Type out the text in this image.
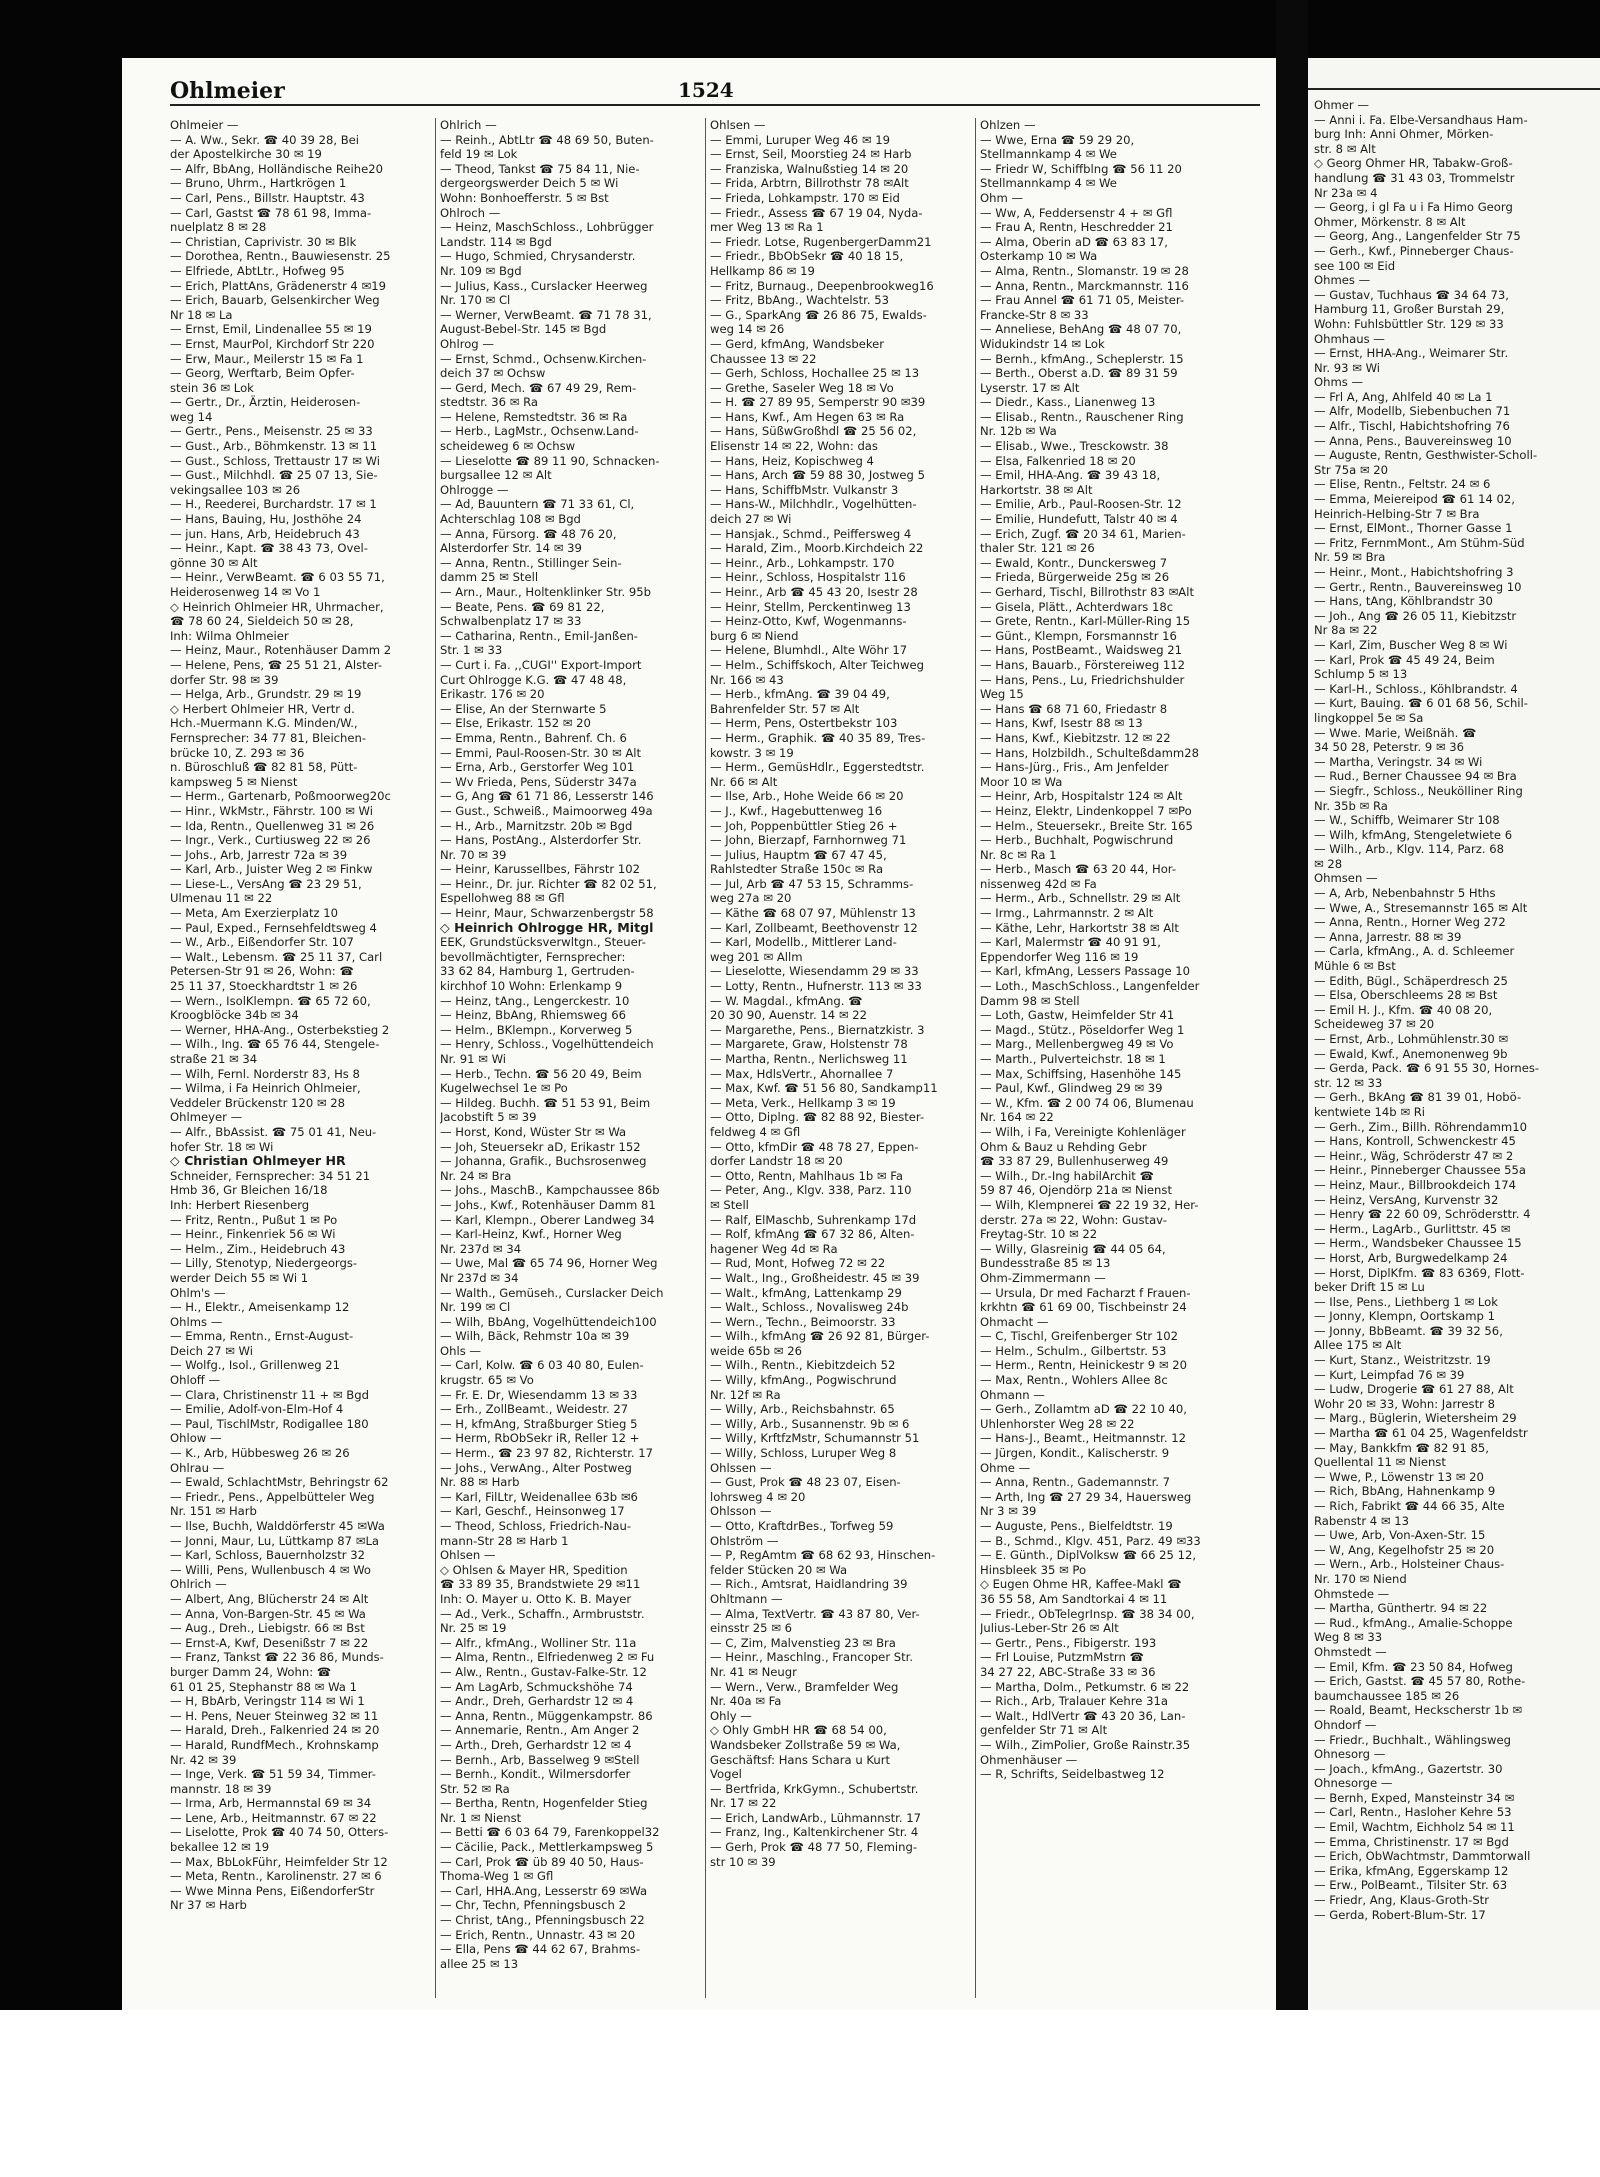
Ohlmeier	1524
Ohlmeier —
— A. Ww., Sekr. ☎ 40 39 28, Bei
der Apostelkirche 30 ✉ 19
— Alfr, BbAng, Holländische Reihe20
— Bruno, Uhrm., Hartkrögen 1
— Carl, Pens., Billstr. Hauptstr. 43
— Carl, Gastst ☎ 78 61 98, Imma-
nuelplatz 8 ✉ 28
— Christian, Caprivistr. 30 ✉ Blk
— Dorothea, Rentn., Bauwiesenstr. 25
— Elfriede, AbtLtr., Hofweg 95
— Erich, PlattAns, Grädenerstr 4 ✉19
— Erich, Bauarb, Gelsenkircher Weg
Nr 18 ✉ La
— Ernst, Emil, Lindenallee 55 ✉ 19
— Ernst, MaurPol, Kirchdorf Str 220
— Erw, Maur., Meilerstr 15 ✉ Fa 1
— Georg, Werftarb, Beim Opfer-
stein 36 ✉ Lok
— Gertr., Dr., Ärztin, Heiderosen-
weg 14
— Gertr., Pens., Meisenstr. 25 ✉ 33
— Gust., Arb., Böhmkenstr. 13 ✉ 11
— Gust., Schloss, Trettaustr 17 ✉ Wi
— Gust., Milchhdl. ☎ 25 07 13, Sie-
vekingsallee 103 ✉ 26
— H., Reederei, Burchardstr. 17 ✉ 1
— Hans, Bauing, Hu, Josthöhe 24
— jun. Hans, Arb, Heidebruch 43
— Heinr., Kapt. ☎ 38 43 73, Ovel-
gönne 30 ✉ Alt
— Heinr., VerwBeamt. ☎ 6 03 55 71,
Heiderosenweg 14 ✉ Vo 1
◇ Heinrich Ohlmeier HR, Uhrmacher,
☎ 78 60 24, Sieldeich 50 ✉ 28,
Inh: Wilma Ohlmeier
— Heinz, Maur., Rotenhäuser Damm 2
— Helene, Pens, ☎ 25 51 21, Alster-
dorfer Str. 98 ✉ 39
— Helga, Arb., Grundstr. 29 ✉ 19
◇ Herbert Ohlmeier HR, Vertr d.
Hch.-Muermann K.G. Minden/W.,
Fernsprecher: 34 77 81, Bleichen-
brücke 10, Z. 293 ✉ 36
n. Büroschluß ☎ 82 81 58, Pütt-
kampsweg 5 ✉ Nienst
— Herm., Gartenarb, Poßmoorweg20c
— Hinr., WkMstr., Fährstr. 100 ✉ Wi
— Ida, Rentn., Quellenweg 31 ✉ 26
— Ingr., Verk., Curtiusweg 22 ✉ 26
— Johs., Arb, Jarrestr 72a ✉ 39
— Karl, Arb., Juister Weg 2 ✉ Finkw
— Liese-L., VersAng ☎ 23 29 51,
Ulmenau 11 ✉ 22
— Meta, Am Exerzierplatz 10
— Paul, Exped., Fernsehfeldtsweg 4
— W., Arb., Eißendorfer Str. 107
— Walt., Lebensm. ☎ 25 11 37, Carl
Petersen-Str 91 ✉ 26, Wohn: ☎
25 11 37, Stoeckhardtstr 1 ✉ 26
— Wern., IsolKlempn. ☎ 65 72 60,
Kroogblöcke 34b ✉ 34
— Werner, HHA-Ang., Osterbekstieg 2
— Wilh., Ing. ☎ 65 76 44, Stengele-
straße 21 ✉ 34
— Wilh, Fernl. Norderstr 83, Hs 8
— Wilma, i Fa Heinrich Ohlmeier,
Veddeler Brückenstr 120 ✉ 28
Ohlmeyer —
— Alfr., BbAssist. ☎ 75 01 41, Neu-
hofer Str. 18 ✉ Wi
◇ Christian Ohlmeyer HR
Schneider, Fernsprecher: 34 51 21
Hmb 36, Gr Bleichen 16/18
Inh: Herbert Riesenberg
— Fritz, Rentn., Pußut 1 ✉ Po
— Heinr., Finkenriek 56 ✉ Wi
— Helm., Zim., Heidebruch 43
— Lilly, Stenotyp, Niedergeorgs-
werder Deich 55 ✉ Wi 1
Ohlm's —
— H., Elektr., Ameisenkamp 12
Ohlms —
— Emma, Rentn., Ernst-August-
Deich 27 ✉ Wi
— Wolfg., Isol., Grillenweg 21
Ohloff —
— Clara, Christinenstr 11 + ✉ Bgd
— Emilie, Adolf-von-Elm-Hof 4
— Paul, TischlMstr, Rodigallee 180
Ohlow —
— K., Arb, Hübbesweg 26 ✉ 26
Ohlrau —
— Ewald, SchlachtMstr, Behringstr 62
— Friedr., Pens., Appelbütteler Weg
Nr. 151 ✉ Harb
— Ilse, Buchh, Walddörferstr 45 ✉Wa
— Jonni, Maur, Lu, Lüttkamp 87 ✉La
— Karl, Schloss, Bauernholzstr 32
— Willi, Pens, Wullenbusch 4 ✉ Wo
Ohlrich —
— Albert, Ang, Blücherstr 24 ✉ Alt
— Anna, Von-Bargen-Str. 45 ✉ Wa
— Aug., Dreh., Liebigstr. 66 ✉ Bst
— Ernst-A, Kwf, Desenißstr 7 ✉ 22
— Franz, Tankst ☎ 22 36 86, Munds-
burger Damm 24, Wohn: ☎
61 01 25, Stephanstr 88 ✉ Wa 1
— H, BbArb, Veringstr 114 ✉ Wi 1
— H. Pens, Neuer Steinweg 32 ✉ 11
— Harald, Dreh., Falkenried 24 ✉ 20
— Harald, RundfMech., Krohnskamp
Nr. 42 ✉ 39
— Inge, Verk. ☎ 51 59 34, Timmer-
mannstr. 18 ✉ 39
— Irma, Arb, Hermannstal 69 ✉ 34
— Lene, Arb., Heitmannstr. 67 ✉ 22
— Liselotte, Prok ☎ 40 74 50, Otters-
bekallee 12 ✉ 19
— Max, BbLokFühr, Heimfelder Str 12
— Meta, Rentn., Karolinenstr. 27 ✉ 6
— Wwe Minna Pens, EißendorferStr
Nr 37 ✉ Harb
Ohlrich —
— Reinh., AbtLtr ☎ 48 69 50, Buten-
feld 19 ✉ Lok
— Theod, Tankst ☎ 75 84 11, Nie-
dergeorgswerder Deich 5 ✉ Wi
Wohn: Bonhoefferstr. 5 ✉ Bst
Ohlroch —
— Heinz, MaschSchloss., Lohbrügger
Landstr. 114 ✉ Bgd
— Hugo, Schmied, Chrysanderstr.
Nr. 109 ✉ Bgd
— Julius, Kass., Curslacker Heerweg
Nr. 170 ✉ Cl
— Werner, VerwBeamt. ☎ 71 78 31,
August-Bebel-Str. 145 ✉ Bgd
Ohlrog —
— Ernst, Schmd., Ochsenw.Kirchen-
deich 37 ✉ Ochsw
— Gerd, Mech. ☎ 67 49 29, Rem-
stedtstr. 36 ✉ Ra
— Helene, Remstedtstr. 36 ✉ Ra
— Herb., LagMstr., Ochsenw.Land-
scheideweg 6 ✉ Ochsw
— Lieselotte ☎ 89 11 90, Schnacken-
burgsallee 12 ✉ Alt
Ohlrogge —
— Ad, Bauuntern ☎ 71 33 61, Cl,
Achterschlag 108 ✉ Bgd
— Anna, Fürsorg. ☎ 48 76 20,
Alsterdorfer Str. 14 ✉ 39
— Anna, Rentn., Stillinger Sein-
damm 25 ✉ Stell
— Arn., Maur., Holtenklinker Str. 95b
— Beate, Pens. ☎ 69 81 22,
Schwalbenplatz 17 ✉ 33
— Catharina, Rentn., Emil-Janßen-
Str. 1 ✉ 33
— Curt i. Fa. ,,CUGI'' Export-Import
Curt Ohlrogge K.G. ☎ 47 48 48,
Erikastr. 176 ✉ 20
— Elise, An der Sternwarte 5
— Else, Erikastr. 152 ✉ 20
— Emma, Rentn., Bahrenf. Ch. 6
— Emmi, Paul-Roosen-Str. 30 ✉ Alt
— Erna, Arb., Gerstorfer Weg 101
— Wv Frieda, Pens, Süderstr 347a
— G, Ang ☎ 61 71 86, Lesserstr 146
— Gust., Schweiß., Maimoorweg 49a
— H., Arb., Marnitzstr. 20b ✉ Bgd
— Hans, PostAng., Alsterdorfer Str.
Nr. 70 ✉ 39
— Heinr, Karussellbes, Fährstr 102
— Heinr., Dr. jur. Richter ☎ 82 02 51,
Espellohweg 88 ✉ Gfl
— Heinr, Maur, Schwarzenbergstr 58
◇ Heinrich Ohlrogge HR, Mitgl
EEK, Grundstücksverwltgn., Steuer-
bevollmächtigter, Fernsprecher:
33 62 84, Hamburg 1, Gertruden-
kirchhof 10 Wohn: Erlenkamp 9
— Heinz, tAng., Lengerckestr. 10
— Heinz, BbAng, Rhiemsweg 66
— Helm., BKlempn., Korverweg 5
— Henry, Schloss., Vogelhüttendeich
Nr. 91 ✉ Wi
— Herb., Techn. ☎ 56 20 49, Beim
Kugelwechsel 1e ✉ Po
— Hildeg. Buchh. ☎ 51 53 91, Beim
Jacobstift 5 ✉ 39
— Horst, Kond, Wüster Str ✉ Wa
— Joh, Steuersekr aD, Erikastr 152
— Johanna, Grafik., Buchsrosenweg
Nr. 24 ✉ Bra
— Johs., MaschB., Kampchaussee 86b
— Johs., Kwf., Rotenhäuser Damm 81
— Karl, Klempn., Oberer Landweg 34
— Karl-Heinz, Kwf., Horner Weg
Nr. 237d ✉ 34
— Uwe, Mal ☎ 65 74 96, Horner Weg
Nr 237d ✉ 34
— Walth., Gemüseh., Curslacker Deich
Nr. 199 ✉ Cl
— Wilh, BbAng, Vogelhüttendeich100
— Wilh, Bäck, Rehmstr 10a ✉ 39
Ohls —
— Carl, Kolw. ☎ 6 03 40 80, Eulen-
krugstr. 65 ✉ Vo
— Fr. E. Dr, Wiesendamm 13 ✉ 33
— Erh., ZollBeamt., Weidestr. 27
— H, kfmAng, Straßburger Stieg 5
— Herm, RbObSekr iR, Reller 12 +
— Herm., ☎ 23 97 82, Richterstr. 17
— Johs., VerwAng., Alter Postweg
Nr. 88 ✉ Harb
— Karl, FilLtr, Weidenallee 63b ✉6
— Karl, Geschf., Heinsonweg 17
— Theod, Schloss, Friedrich-Nau-
mann-Str 28 ✉ Harb 1
Ohlsen —
◇ Ohlsen & Mayer HR, Spedition
☎ 33 89 35, Brandstwiete 29 ✉11
Inh: O. Mayer u. Otto K. B. Mayer
— Ad., Verk., Schaffn., Armbruststr.
Nr. 25 ✉ 19
— Alfr., kfmAng., Wolliner Str. 11a
— Alma, Rentn., Elfriedenweg 2 ✉ Fu
— Alw., Rentn., Gustav-Falke-Str. 12
— Am LagArb, Schmuckshöhe 74
— Andr., Dreh, Gerhardstr 12 ✉ 4
— Anna, Rentn., Müggenkampstr. 86
— Annemarie, Rentn., Am Anger 2
— Arth., Dreh, Gerhardstr 12 ✉ 4
— Bernh., Arb, Basselweg 9 ✉Stell
— Bernh., Kondit., Wilmersdorfer
Str. 52 ✉ Ra
— Bertha, Rentn, Hogenfelder Stieg
Nr. 1 ✉ Nienst
— Betti ☎ 6 03 64 79, Farenkoppel32
— Cäcilie, Pack., Mettlerkampsweg 5
— Carl, Prok ☎ üb 89 40 50, Haus-
Thoma-Weg 1 ✉ Gfl
— Carl, HHA.Ang, Lesserstr 69 ✉Wa
— Chr, Techn, Pfenningsbusch 2
— Christ, tAng., Pfenningsbusch 22
— Erich, Rentn., Unnastr. 43 ✉ 20
— Ella, Pens ☎ 44 62 67, Brahms-
allee 25 ✉ 13
Ohlsen —
— Emmi, Luruper Weg 46 ✉ 19
— Ernst, Seil, Moorstieg 24 ✉ Harb
— Franziska, Walnußstieg 14 ✉ 20
— Frida, Arbtrn, Billrothstr 78 ✉Alt
— Frieda, Lohkampstr. 170 ✉ Eid
— Friedr., Assess ☎ 67 19 04, Nyda-
mer Weg 13 ✉ Ra 1
— Friedr. Lotse, RugenbergerDamm21
— Friedr., BbObSekr ☎ 40 18 15,
Hellkamp 86 ✉ 19
— Fritz, Burnaug., Deepenbrookweg16
— Fritz, BbAng., Wachtelstr. 53
— G., SparkAng ☎ 26 86 75, Ewalds-
weg 14 ✉ 26
— Gerd, kfmAng, Wandsbeker
Chaussee 13 ✉ 22
— Gerh, Schloss, Hochallee 25 ✉ 13
— Grethe, Saseler Weg 18 ✉ Vo
— H. ☎ 27 89 95, Semperstr 90 ✉39
— Hans, Kwf., Am Hegen 63 ✉ Ra
— Hans, SüßwGroßhdl ☎ 25 56 02,
Elisenstr 14 ✉ 22, Wohn: das
— Hans, Heiz, Kopischweg 4
— Hans, Arch ☎ 59 88 30, Jostweg 5
— Hans, SchiffbMstr. Vulkanstr 3
— Hans-W., Milchhdlr., Vogelhütten-
deich 27 ✉ Wi
— Hansjak., Schmd., Peiffersweg 4
— Harald, Zim., Moorb.Kirchdeich 22
— Heinr., Arb., Lohkampstr. 170
— Heinr., Schloss, Hospitalstr 116
— Heinr., Arb ☎ 45 43 20, Isestr 28
— Heinr, Stellm, Perckentinweg 13
— Heinz-Otto, Kwf, Wogenmanns-
burg 6 ✉ Niend
— Helene, Blumhdl., Alte Wöhr 17
— Helm., Schiffskoch, Alter Teichweg
Nr. 166 ✉ 43
— Herb., kfmAng. ☎ 39 04 49,
Bahrenfelder Str. 57 ✉ Alt
— Herm, Pens, Ostertbekstr 103
— Herm., Graphik. ☎ 40 35 89, Tres-
kowstr. 3 ✉ 19
— Herm., GemüsHdlr., Eggerstedtstr.
Nr. 66 ✉ Alt
— Ilse, Arb., Hohe Weide 66 ✉ 20
— J., Kwf., Hagebuttenweg 16
— Joh, Poppenbüttler Stieg 26 +
— John, Bierzapf, Farnhornweg 71
— Julius, Hauptm ☎ 67 47 45,
Rahlstedter Straße 150c ✉ Ra
— Jul, Arb ☎ 47 53 15, Schramms-
weg 27a ✉ 20
— Käthe ☎ 68 07 97, Mühlenstr 13
— Karl, Zollbeamt, Beethovenstr 12
— Karl, Modellb., Mittlerer Land-
weg 201 ✉ Allm
— Lieselotte, Wiesendamm 29 ✉ 33
— Lotty, Rentn., Hufnerstr. 113 ✉ 33
— W. Magdal., kfmAng. ☎
20 30 90, Auenstr. 14 ✉ 22
— Margarethe, Pens., Biernatzkistr. 3
— Margarete, Graw, Holstenstr 78
— Martha, Rentn., Nerlichsweg 11
— Max, HdlsVertr., Ahornallee 7
— Max, Kwf. ☎ 51 56 80, Sandkamp11
— Meta, Verk., Hellkamp 3 ✉ 19
— Otto, Diplng. ☎ 82 88 92, Biester-
feldweg 4 ✉ Gfl
— Otto, kfmDir ☎ 48 78 27, Eppen-
dorfer Landstr 18 ✉ 20
— Otto, Rentn, Mahlhaus 1b ✉ Fa
— Peter, Ang., Klgv. 338, Parz. 110
✉ Stell
— Ralf, ElMaschb, Suhrenkamp 17d
— Rolf, kfmAng ☎ 67 32 86, Alten-
hagener Weg 4d ✉ Ra
— Rud, Mont, Hofweg 72 ✉ 22
— Walt., Ing., Großheidestr. 45 ✉ 39
— Walt., kfmAng, Lattenkamp 29
— Walt., Schloss., Novalisweg 24b
— Wern., Techn., Beimoorstr. 33
— Wilh., kfmAng ☎ 26 92 81, Bürger-
weide 65b ✉ 26
— Wilh., Rentn., Kiebitzdeich 52
— Willy, kfmAng., Pogwischrund
Nr. 12f ✉ Ra
— Willy, Arb., Reichsbahnstr. 65
— Willy, Arb., Susannenstr. 9b ✉ 6
— Willy, KrftfzMstr, Schumannstr 51
— Willy, Schloss, Luruper Weg 8
Ohlssen —
— Gust, Prok ☎ 48 23 07, Eisen-
lohrsweg 4 ✉ 20
Ohlsson —
— Otto, KraftdrBes., Torfweg 59
Ohlström —
— P, RegAmtm ☎ 68 62 93, Hinschen-
felder Stücken 20 ✉ Wa
— Rich., Amtsrat, Haidlandring 39
Ohltmann —
— Alma, TextVertr. ☎ 43 87 80, Ver-
einsstr 25 ✉ 6
— C, Zim, Malvenstieg 23 ✉ Bra
— Heinr., Maschlng., Francoper Str.
Nr. 41 ✉ Neugr
— Wern., Verw., Bramfelder Weg
Nr. 40a ✉ Fa
Ohly —
◇ Ohly GmbH HR ☎ 68 54 00,
Wandsbeker Zollstraße 59 ✉ Wa,
Geschäftsf: Hans Schara u Kurt
Vogel
— Bertfrida, KrkGymn., Schubertstr.
Nr. 17 ✉ 22
— Erich, LandwArb., Lühmannstr. 17
— Franz, Ing., Kaltenkirchener Str. 4
— Gerh, Prok ☎ 48 77 50, Fleming-
str 10 ✉ 39
Ohlzen —
— Wwe, Erna ☎ 59 29 20,
Stellmannkamp 4 ✉ We
— Friedr W, Schiffblng ☎ 56 11 20
Stellmannkamp 4 ✉ We
Ohm —
— Ww, A, Feddersenstr 4 + ✉ Gfl
— Frau A, Rentn, Heschredder 21
— Alma, Oberin aD ☎ 63 83 17,
Osterkamp 10 ✉ Wa
— Alma, Rentn., Slomanstr. 19 ✉ 28
— Anna, Rentn., Marckmannstr. 116
— Frau Annel ☎ 61 71 05, Meister-
Francke-Str 8 ✉ 33
— Anneliese, BehAng ☎ 48 07 70,
Widukindstr 14 ✉ Lok
— Bernh., kfmAng., Scheplerstr. 15
— Berth., Oberst a.D. ☎ 89 31 59
Lyserstr. 17 ✉ Alt
— Diedr., Kass., Lianenweg 13
— Elisab., Rentn., Rauschener Ring
Nr. 12b ✉ Wa
— Elisab., Wwe., Tresckowstr. 38
— Elsa, Falkenried 18 ✉ 20
— Emil, HHA-Ang. ☎ 39 43 18,
Harkortstr. 38 ✉ Alt
— Emilie, Arb., Paul-Roosen-Str. 12
— Emilie, Hundefutt, Talstr 40 ✉ 4
— Erich, Zugf. ☎ 20 34 61, Marien-
thaler Str. 121 ✉ 26
— Ewald, Kontr., Dunckersweg 7
— Frieda, Bürgerweide 25g ✉ 26
— Gerhard, Tischl, Billrothstr 83 ✉Alt
— Gisela, Plätt., Achterdwars 18c
— Grete, Rentn., Karl-Müller-Ring 15
— Günt., Klempn, Forsmannstr 16
— Hans, PostBeamt., Waidsweg 21
— Hans, Bauarb., Förstereiweg 112
— Hans, Pens., Lu, Friedrichshulder
Weg 15
— Hans ☎ 68 71 60, Friedastr 8
— Hans, Kwf, Isestr 88 ✉ 13
— Hans, Kwf., Kiebitzstr. 12 ✉ 22
— Hans, Holzbildh., Schulteßdamm28
— Hans-Jürg., Fris., Am Jenfelder
Moor 10 ✉ Wa
— Heinr, Arb, Hospitalstr 124 ✉ Alt
— Heinz, Elektr, Lindenkoppel 7 ✉Po
— Helm., Steuersekr., Breite Str. 165
— Herb., Buchhalt, Pogwischrund
Nr. 8c ✉ Ra 1
— Herb., Masch ☎ 63 20 44, Hor-
nissenweg 42d ✉ Fa
— Herm., Arb., Schnellstr. 29 ✉ Alt
— Irmg., Lahrmannstr. 2 ✉ Alt
— Käthe, Lehr, Harkortstr 38 ✉ Alt
— Karl, Malermstr ☎ 40 91 91,
Eppendorfer Weg 116 ✉ 19
— Karl, kfmAng, Lessers Passage 10
— Loth., MaschSchloss., Langenfelder
Damm 98 ✉ Stell
— Loth, Gastw, Heimfelder Str 41
— Magd., Stütz., Pöseldorfer Weg 1
— Marg., Mellenbergweg 49 ✉ Vo
— Marth., Pulverteichstr. 18 ✉ 1
— Max, Schiffsing, Hasenhöhe 145
— Paul, Kwf., Glindweg 29 ✉ 39
— W., Kfm. ☎ 2 00 74 06, Blumenau
Nr. 164 ✉ 22
— Wilh, i Fa, Vereinigte Kohlenläger
Ohm & Bauz u Rehding Gebr
☎ 33 87 29, Bullenhuserweg 49
— Wilh., Dr.-Ing habilArchit ☎
59 87 46, Ojendörp 21a ✉ Nienst
— Wilh, Klempnerei ☎ 22 19 32, Her-
derstr. 27a ✉ 22, Wohn: Gustav-
Freytag-Str. 10 ✉ 22
— Willy, Glasreinig ☎ 44 05 64,
Bundesstraße 85 ✉ 13
Ohm-Zimmermann —
— Ursula, Dr med Facharzt f Frauen-
krkhtn ☎ 61 69 00, Tischbeinstr 24
Ohmacht —
— C, Tischl, Greifenberger Str 102
— Helm., Schulm., Gilbertstr. 53
— Herm., Rentn, Heinickestr 9 ✉ 20
— Max, Rentn., Wohlers Allee 8c
Ohmann —
— Gerh., Zollamtm aD ☎ 22 10 40,
Uhlenhorster Weg 28 ✉ 22
— Hans-J., Beamt., Heitmannstr. 12
— Jürgen, Kondit., Kalischerstr. 9
Ohme —
— Anna, Rentn., Gademannstr. 7
— Arth, Ing ☎ 27 29 34, Hauersweg
Nr 3 ✉ 39
— Auguste, Pens., Bielfeldtstr. 19
— B., Schmd., Klgv. 451, Parz. 49 ✉33
— E. Günth., DiplVolksw ☎ 66 25 12,
Hinsbleek 35 ✉ Po
◇ Eugen Ohme HR, Kaffee-Makl ☎
36 55 58, Am Sandtorkai 4 ✉ 11
— Friedr., ObTelegrInsp. ☎ 38 34 00,
Julius-Leber-Str 26 ✉ Alt
— Gertr., Pens., Fibigerstr. 193
— Frl Louise, PutzmMstrn ☎
34 27 22, ABC-Straße 33 ✉ 36
— Martha, Dolm., Petkumstr. 6 ✉ 22
— Rich., Arb, Tralauer Kehre 31a
— Walt., HdlVertr ☎ 43 20 36, Lan-
genfelder Str 71 ✉ Alt
— Wilh., ZimPolier, Große Rainstr.35
Ohmenhäuser —
— R, Schrifts, Seidelbastweg 12
Ohmer —
— Anni i. Fa. Elbe-Versandhaus Ham-
burg Inh: Anni Ohmer, Mörken-
str. 8 ✉ Alt
◇ Georg Ohmer HR, Tabakw-Groß-
handlung ☎ 31 43 03, Trommelstr
Nr 23a ✉ 4
— Georg, i gl Fa u i Fa Himo Georg
Ohmer, Mörkenstr. 8 ✉ Alt
— Georg, Ang., Langenfelder Str 75
— Gerh., Kwf., Pinneberger Chaus-
see 100 ✉ Eid
Ohmes —
— Gustav, Tuchhaus ☎ 34 64 73,
Hamburg 11, Großer Burstah 29,
Wohn: Fuhlsbüttler Str. 129 ✉ 33
Ohmhaus —
— Ernst, HHA-Ang., Weimarer Str.
Nr. 93 ✉ Wi
Ohms —
— Frl A, Ang, Ahlfeld 40 ✉ La 1
— Alfr, Modellb, Siebenbuchen 71
— Alfr., Tischl, Habichtshofring 76
— Anna, Pens., Bauvereinsweg 10
— Auguste, Rentn, Gesthwister-Scholl-
Str 75a ✉ 20
— Elise, Rentn., Feltstr. 24 ✉ 6
— Emma, Meiereipod ☎ 61 14 02,
Heinrich-Helbing-Str 7 ✉ Bra
— Ernst, ElMont., Thorner Gasse 1
— Fritz, FernmMont., Am Stühm-Süd
Nr. 59 ✉ Bra
— Heinr., Mont., Habichtshofring 3
— Gertr., Rentn., Bauvereinsweg 10
— Hans, tAng, Köhlbrandstr 30
— Joh., Ang ☎ 26 05 11, Kiebitzstr
Nr 8a ✉ 22
— Karl, Zim, Buscher Weg 8 ✉ Wi
— Karl, Prok ☎ 45 49 24, Beim
Schlump 5 ✉ 13
— Karl-H., Schloss., Köhlbrandstr. 4
— Kurt, Bauing. ☎ 6 01 68 56, Schil-
lingkoppel 5e ✉ Sa
— Wwe. Marie, Weißnäh. ☎
34 50 28, Peterstr. 9 ✉ 36
— Martha, Veringstr. 34 ✉ Wi
— Rud., Berner Chaussee 94 ✉ Bra
— Siegfr., Schloss., Neukölliner Ring
Nr. 35b ✉ Ra
— W., Schiffb, Weimarer Str 108
— Wilh, kfmAng, Stengeletwiete 6
— Wilh., Arb., Klgv. 114, Parz. 68
✉ 28
Ohmsen —
— A, Arb, Nebenbahnstr 5 Hths
— Wwe, A., Stresemannstr 165 ✉ Alt
— Anna, Rentn., Horner Weg 272
— Anna, Jarrestr. 88 ✉ 39
— Carla, kfmAng., A. d. Schleemer
Mühle 6 ✉ Bst
— Edith, Bügl., Schäperdresch 25
— Elsa, Oberschleems 28 ✉ Bst
— Emil H. J., Kfm. ☎ 40 08 20,
Scheideweg 37 ✉ 20
— Ernst, Arb., Lohmühlenstr.30 ✉
— Ewald, Kwf., Anemonenweg 9b
— Gerda, Pack. ☎ 6 91 55 30, Hornes-
str. 12 ✉ 33
— Gerh., BkAng ☎ 81 39 01, Hobö-
kentwiete 14b ✉ Ri
— Gerh., Zim., Billh. Röhrendamm10
— Hans, Kontroll, Schwenckestr 45
— Heinr., Wäg, Schröderstr 47 ✉ 2
— Heinr., Pinneberger Chaussee 55a
— Heinz, Maur., Billbrookdeich 174
— Heinz, VersAng, Kurvenstr 32
— Henry ☎ 22 60 09, Schrödersttr. 4
— Herm., LagArb., Gurlittstr. 45 ✉
— Herm., Wandsbeker Chaussee 15
— Horst, Arb, Burgwedelkamp 24
— Horst, DiplKfm. ☎ 83 6369, Flott-
beker Drift 15 ✉ Lu
— Ilse, Pens., Liethberg 1 ✉ Lok
— Jonny, Klempn, Oortskamp 1
— Jonny, BbBeamt. ☎ 39 32 56,
Allee 175 ✉ Alt
— Kurt, Stanz., Weistritzstr. 19
— Kurt, Leimpfad 76 ✉ 39
— Ludw, Drogerie ☎ 61 27 88, Alt
Wohr 20 ✉ 33, Wohn: Jarrestr 8
— Marg., Büglerin, Wietersheim 29
— Martha ☎ 61 04 25, Wagenfeldstr
— May, Bankkfm ☎ 82 91 85,
Quellental 11 ✉ Nienst
— Wwe, P., Löwenstr 13 ✉ 20
— Rich, BbAng, Hahnenkamp 9
— Rich, Fabrikt ☎ 44 66 35, Alte
Rabenstr 4 ✉ 13
— Uwe, Arb, Von-Axen-Str. 15
— W, Ang, Kegelhofstr 25 ✉ 20
— Wern., Arb., Holsteiner Chaus-
Nr. 170 ✉ Niend
Ohmstede —
— Martha, Günthertr. 94 ✉ 22
— Rud., kfmAng., Amalie-Schoppe
Weg 8 ✉ 33
Ohmstedt —
— Emil, Kfm. ☎ 23 50 84, Hofweg
— Erich, Gastst. ☎ 45 57 80, Rothe-
baumchaussee 185 ✉ 26
— Roald, Beamt, Heckscherstr 1b ✉
Ohndorf —
— Friedr., Buchhalt., Wählingsweg
Ohnesorg —
— Joach., kfmAng., Gazertstr. 30
Ohnesorge —
— Bernh, Exped, Mansteinstr 34 ✉
— Carl, Rentn., Hasloher Kehre 53
— Emil, Wachtm, Eichholz 54 ✉ 11
— Emma, Christinenstr. 17 ✉ Bgd
— Erich, ObWachtmstr, Dammtorwall
— Erika, kfmAng, Eggerskamp 12
— Erw., PolBeamt., Tilsiter Str. 63
— Friedr, Ang, Klaus-Groth-Str
— Gerda, Robert-Blum-Str. 17
